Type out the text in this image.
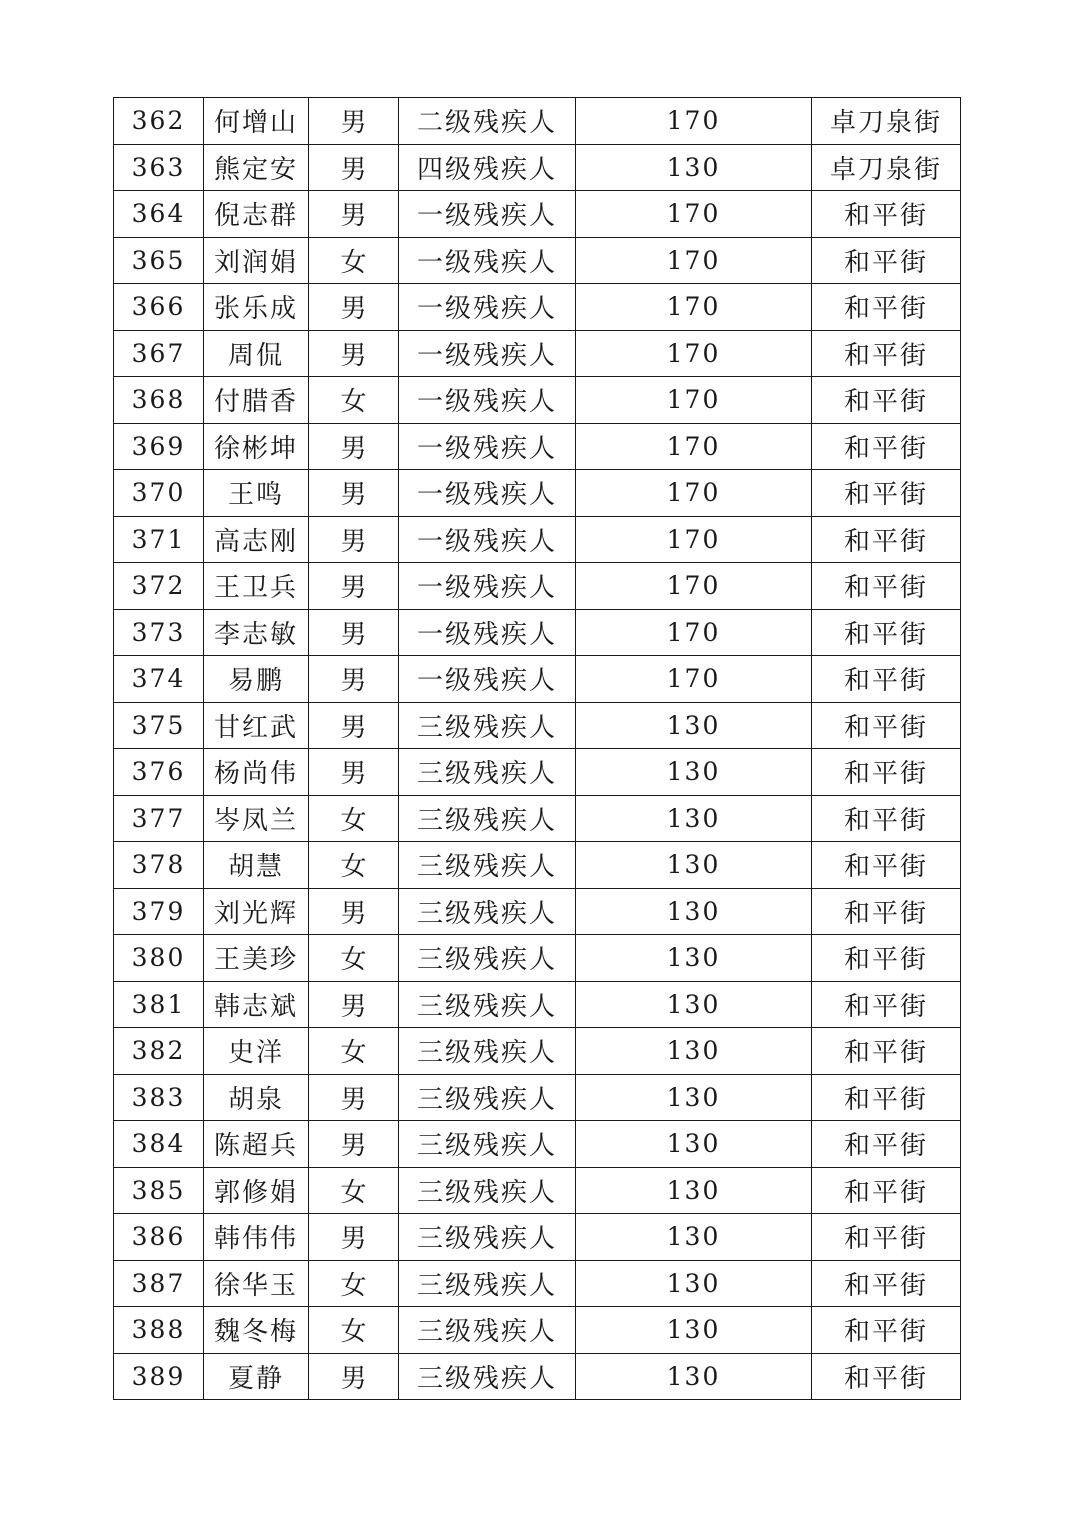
362	何增山	男	二级残疾人	170	卓刀泉街
363	熊定安	男	四级残疾人	130	卓刀泉街
364	倪志群	男	一级残疾人	170	和平街
365	刘润娟	女	一级残疾人	170	和平街
366	张乐成	男	一级残疾人	170	和平街
367	周侃	男	一级残疾人	170	和平街
368	付腊香	女	一级残疾人	170	和平街
369	徐彬坤	男	一级残疾人	170	和平街
370	王鸣	男	一级残疾人	170	和平街
371	高志刚	男	一级残疾人	170	和平街
372	王卫兵	男	一级残疾人	170	和平街
373	李志敏	男	一级残疾人	170	和平街
374	易鹏	男	一级残疾人	170	和平街
375	甘红武	男	三级残疾人	130	和平街
376	杨尚伟	男	三级残疾人	130	和平街
377	岑凤兰	女	三级残疾人	130	和平街
378	胡慧	女	三级残疾人	130	和平街
379	刘光辉	男	三级残疾人	130	和平街
380	王美珍	女	三级残疾人	130	和平街
381	韩志斌	男	三级残疾人	130	和平街
382	史洋	女	三级残疾人	130	和平街
383	胡泉	男	三级残疾人	130	和平街
384	陈超兵	男	三级残疾人	130	和平街
385	郭修娟	女	三级残疾人	130	和平街
386	韩伟伟	男	三级残疾人	130	和平街
387	徐华玉	女	三级残疾人	130	和平街
388	魏冬梅	女	三级残疾人	130	和平街
389	夏静	男	三级残疾人	130	和平街
